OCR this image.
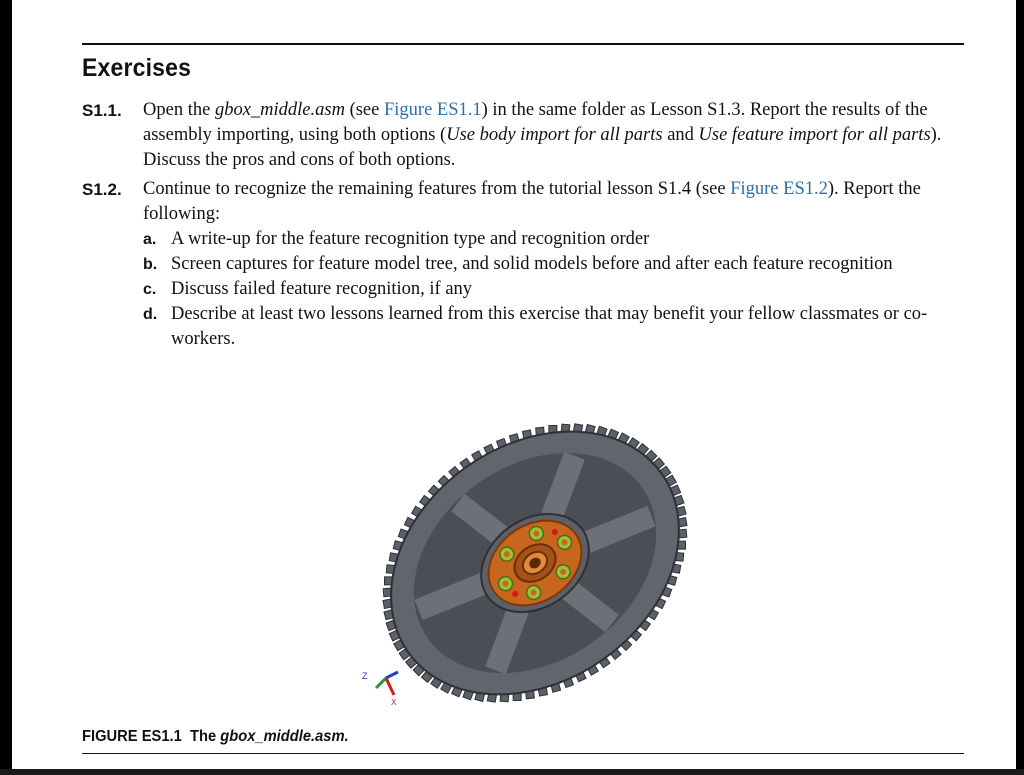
Exercises
S1.1. Open the gbox_middle.asm (see Figure ES1.1) in the same folder as Lesson S1.3. Report the results of the assembly importing, using both options (Use body import for all parts and Use feature import for all parts). Discuss the pros and cons of both options.
S1.2. Continue to recognize the remaining features from the tutorial lesson S1.4 (see Figure ES1.2). Report the following:
a. A write-up for the feature recognition type and recognition order
b. Screen captures for feature model tree, and solid models before and after each feature recognition
c. Discuss failed feature recognition, if any
d. Describe at least two lessons learned from this exercise that may benefit your fellow classmates or co-workers.
Z
X
FIGURE ES1.1 The gbox_middle.asm.
